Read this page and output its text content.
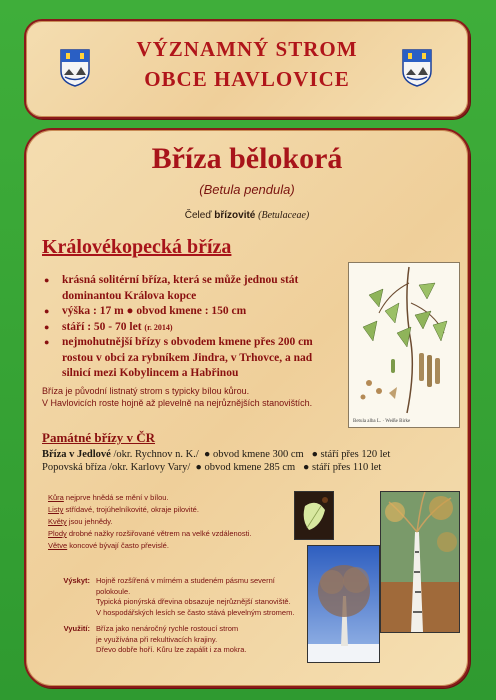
VÝZNAMNÝ STROM
OBCE HAVLOVICE
Bříza bělokorá
(Betula pendula)
Čeleď břízovité (Betulaceae)
Královékopecká bříza
● krásná solitérní bříza, která se může jednou stát dominantou Králova kopce
● výška : 17 m ● obvod kmene : 150 cm
● stáří : 50 - 70 let (r. 2014)
● nejmohutnější břízy s obvodem kmene přes 200 cm rostou v obci za rybníkem Jindra, v Trhovce, a nad silnicí mezi Kobylincem a Habřinou
Betula alba L. · Weiße Birke
Bříza je původní listnatý strom s typicky bílou kůrou.
V Havlovicích roste hojně až plevelně na nejrůznějších stanovištích.
Památné břízy v ČR
Bříza v Jedlové /okr. Rychnov n. K./ ● obvod kmene 300 cm ● stáří přes 120 let
Popovská bříza /okr. Karlovy Vary/ ● obvod kmene 285 cm ● stáří přes 110 let
Kůra nejprve hnědá se mění v bílou.
Listy střídavé, trojúhelníkovité, okraje pilovité.
Květy jsou jehnědy.
Plody drobné nažky rozšiřované větrem na velké vzdálenosti.
Větve koncové bývají často převislé.
Výskyt: Hojně rozšířená v mírném a studeném pásmu severní polokoule.
Typická pionýrská dřevina obsazuje nejrůznější stanoviště.
V hospodářských lesích se často stává plevelným stromem.
Využití: Bříza jako nenáročný rychle rostoucí strom
je využívána při rekultivacích krajiny.
Dřevo dobře hoří. Kůru lze zapálit i za mokra.
